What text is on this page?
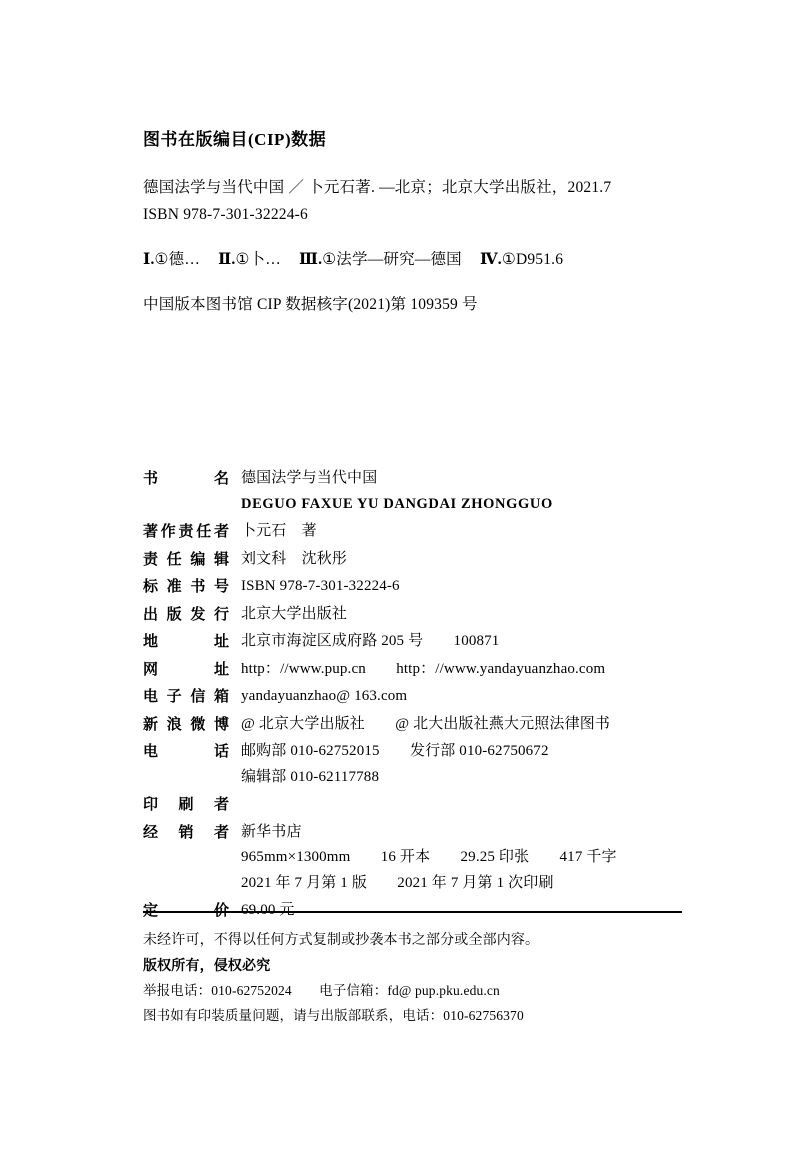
图书在版编目(CIP)数据
德国法学与当代中国 ／ 卜元石著. —北京；北京大学出版社，2021.7
ISBN 978-7-301-32224-6
Ⅰ.①德… Ⅱ.①卜… Ⅲ.①法学—研究—德国 Ⅳ.①D951.6
中国版本图书馆 CIP 数据核字(2021)第 109359 号
书	名 德国法学与当代中国
DEGUO FAXUE YU DANGDAI ZHONGGUO
著 作 责 任 者 卜元石　著
责 任 编 辑 刘文科　沈秋彤
标 准 书 号 ISBN 978-7-301-32224-6
出 版 发 行 北京大学出版社
地	址 北京市海淀区成府路 205 号　　100871
网	址 http：//www.pup.cn　　http：//www.yandayuanzhao.com
电 子 信 箱 yandayuanzhao@ 163.com
新 浪 微 博 @ 北京大学出版社　　@ 北大出版社燕大元照法律图书
电	话 邮购部 010-62752015　　发行部 010-62750672
编辑部 010-62117788
印 刷 者
经 销 者 新华书店
965mm×1300mm　　16 开本　　29.25 印张　　417 千字
2021 年 7 月第 1 版　　2021 年 7 月第 1 次印刷
定	价 69.00 元
未经许可，不得以任何方式复制或抄袭本书之部分或全部内容。
版权所有，侵权必究
举报电话：010-62752024　　电子信箱：fd@ pup.pku.edu.cn
图书如有印装质量问题，请与出版部联系，电话：010-62756370
